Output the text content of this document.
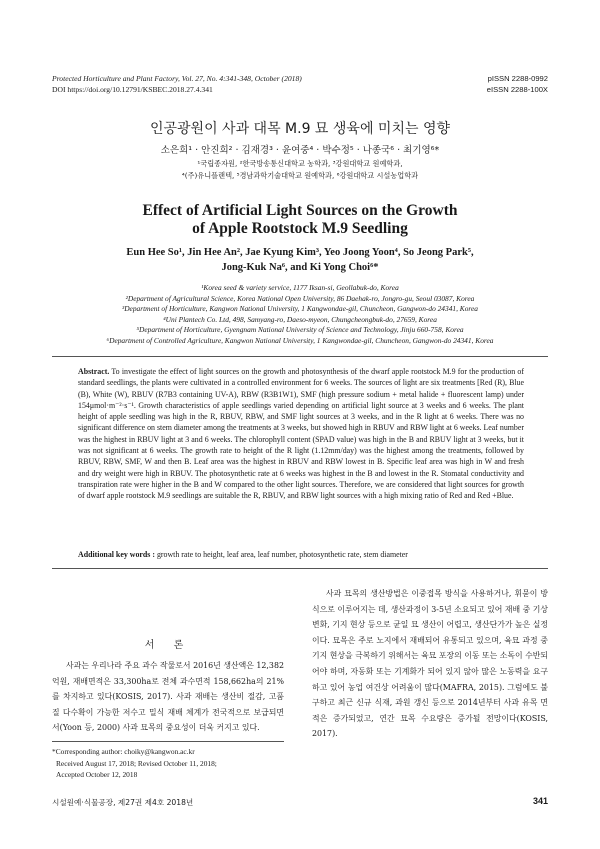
Protected Horticulture and Plant Factory, Vol. 27, No. 4:341-348, October (2018)
DOI https://doi.org/10.12791/KSBEC.2018.27.4.341
pISSN 2288-0992
eISSN 2288-100X
인공광원이 사과 대목 M.9 묘 생육에 미치는 영향
소은희¹ · 안진희² · 김재경³ · 윤여중⁴ · 박수정⁵ · 나종국⁶ · 최기영⁶*
¹국립종자원, ²한국방송통신대학교 농학과, ³강원대학교 원예학과,
⁴(주)유니플랜텍, ⁵경남과학기술대학교 원예학과, ⁶강원대학교 시설농업학과
Effect of Artificial Light Sources on the Growth
of Apple Rootstock M.9 Seedling
Eun Hee So¹, Jin Hee An², Jae Kyung Kim³, Yeo Joong Yoon⁴, So Jeong Park⁵,
Jong-Kuk Na⁶, and Ki Yong Choi⁶*
¹Korea seed & variety service, 1177 Iksan-si, Geollabuk-do, Korea
²Department of Agricultural Science, Korea National Open University, 86 Daehak-ro, Jongro-gu, Seoul 03087, Korea
³Department of Horticulture, Kangwon National University, 1 Kangwondae-gil, Chuncheon, Gangwon-do 24341, Korea
⁴Uni Plantech Co. Ltd, 498, Samyang-ro, Daeso-myeon, Chungcheongbuk-do, 27659, Korea
⁵Department of Horticulture, Gyengnam National University of Science and Technology, Jinju 660-758, Korea
⁶Department of Controlled Agriculture, Kangwon National University, 1 Kangwondae-gil, Chuncheon, Gangwon-do 24341, Korea
Abstract. To investigate the effect of light sources on the growth and photosynthesis of the dwarf apple rootstock M.9 for the production of standard seedlings, the plants were cultivated in a controlled environment for 6 weeks. The sources of light are six treatments [Red (R), Blue (B), White (W), RBUV (R7B3 containing UV-A), RBW (R3B1W1), SMF (high pressure sodium + metal halide + fluorescent lamp) under 154μmol·m⁻²·s⁻¹. Growth characteristics of apple seedlings varied depending on artificial light source at 3 weeks and 6 weeks. The plant height of apple seedling was high in the R, RBUV, RBW, and SMF light sources at 3 weeks, and in the R light at 6 weeks. There was no significant difference on stem diameter among the treatments at 3 weeks, but showed high in RBUV and RBW light at 6 weeks. Leaf number was the highest in RBUV light at 3 and 6 weeks. The chlorophyll content (SPAD value) was high in the B and RBUV light at 3 weeks, but it was not significant at 6 weeks. The growth rate to height of the R light (1.12mm/day) was the highest among the treatments, followed by RBUV, RBW, SMF, W and then B. Leaf area was the highest in RBUV and RBW lowest in B. Specific leaf area was high in W and fresh and dry weight were high in RBUV. The photosynthetic rate at 6 weeks was highest in the B and lowest in the R. Stomatal conductivity and transpiration rate were higher in the B and W compared to the other light sources. Therefore, we are considered that light sources for growth of dwarf apple rootstock M.9 seedlings are suitable the R, RBUV, and RBW light sources with a high mixing ratio of Red and Red +Blue.
Additional key words : growth rate to height, leaf area, leaf number, photosynthetic rate, stem diameter
서 론

사과는 우리나라 주요 과수 작물로서 2016년 생산액은 12,382억원, 재배면적은 33,300ha로 전체 과수면적 158,662ha의 21%를 차지하고 있다(KOSIS, 2017). 사과 재배는 생산비 절감, 고품질 다수확이 가능한 저수고 밀식 재배 체계가 전국적으로 보급되면서(Yoon 등, 2000) 사과 묘목의 중요성이 더욱 커지고 있다.

사과 묘목의 생산방법은 이중접목 방식을 사용하거나, 휘묻이 방식으로 이루어지는 데, 생산과정이 3-5년 소요되고 있어 재배 중 기상 변화, 기지 현상 등으로 균일 묘 생산이 어렵고, 생산단가가 높은 실정이다. 묘목은 주로 노지에서 재배되어 유통되고 있으며, 육묘 과정 중 기지 현상을 극복하기 위해서는 육묘 포장의 이동 또는 소독이 수반되어야 하며, 자동화 또는 기계화가 되어 있지 않아 많은 노동력을 요구하고 있어 농업 여건상 어려움이 많다(MAFRA, 2015). 그럼에도 불구하고 최근 신규 식재, 과원 갱신 등으로 2014년부터 사과 유목 면적은 증가되었고, 연간 묘목 수요량은 증가될 전망이다(KOSIS, 2017).

*Corresponding author: choiky@kangwon.ac.kr
Received August 17, 2018; Revised October 11, 2018;
Accepted October 12, 2018
시설원예·식물공장, 제27권 제4호 2018년	341
